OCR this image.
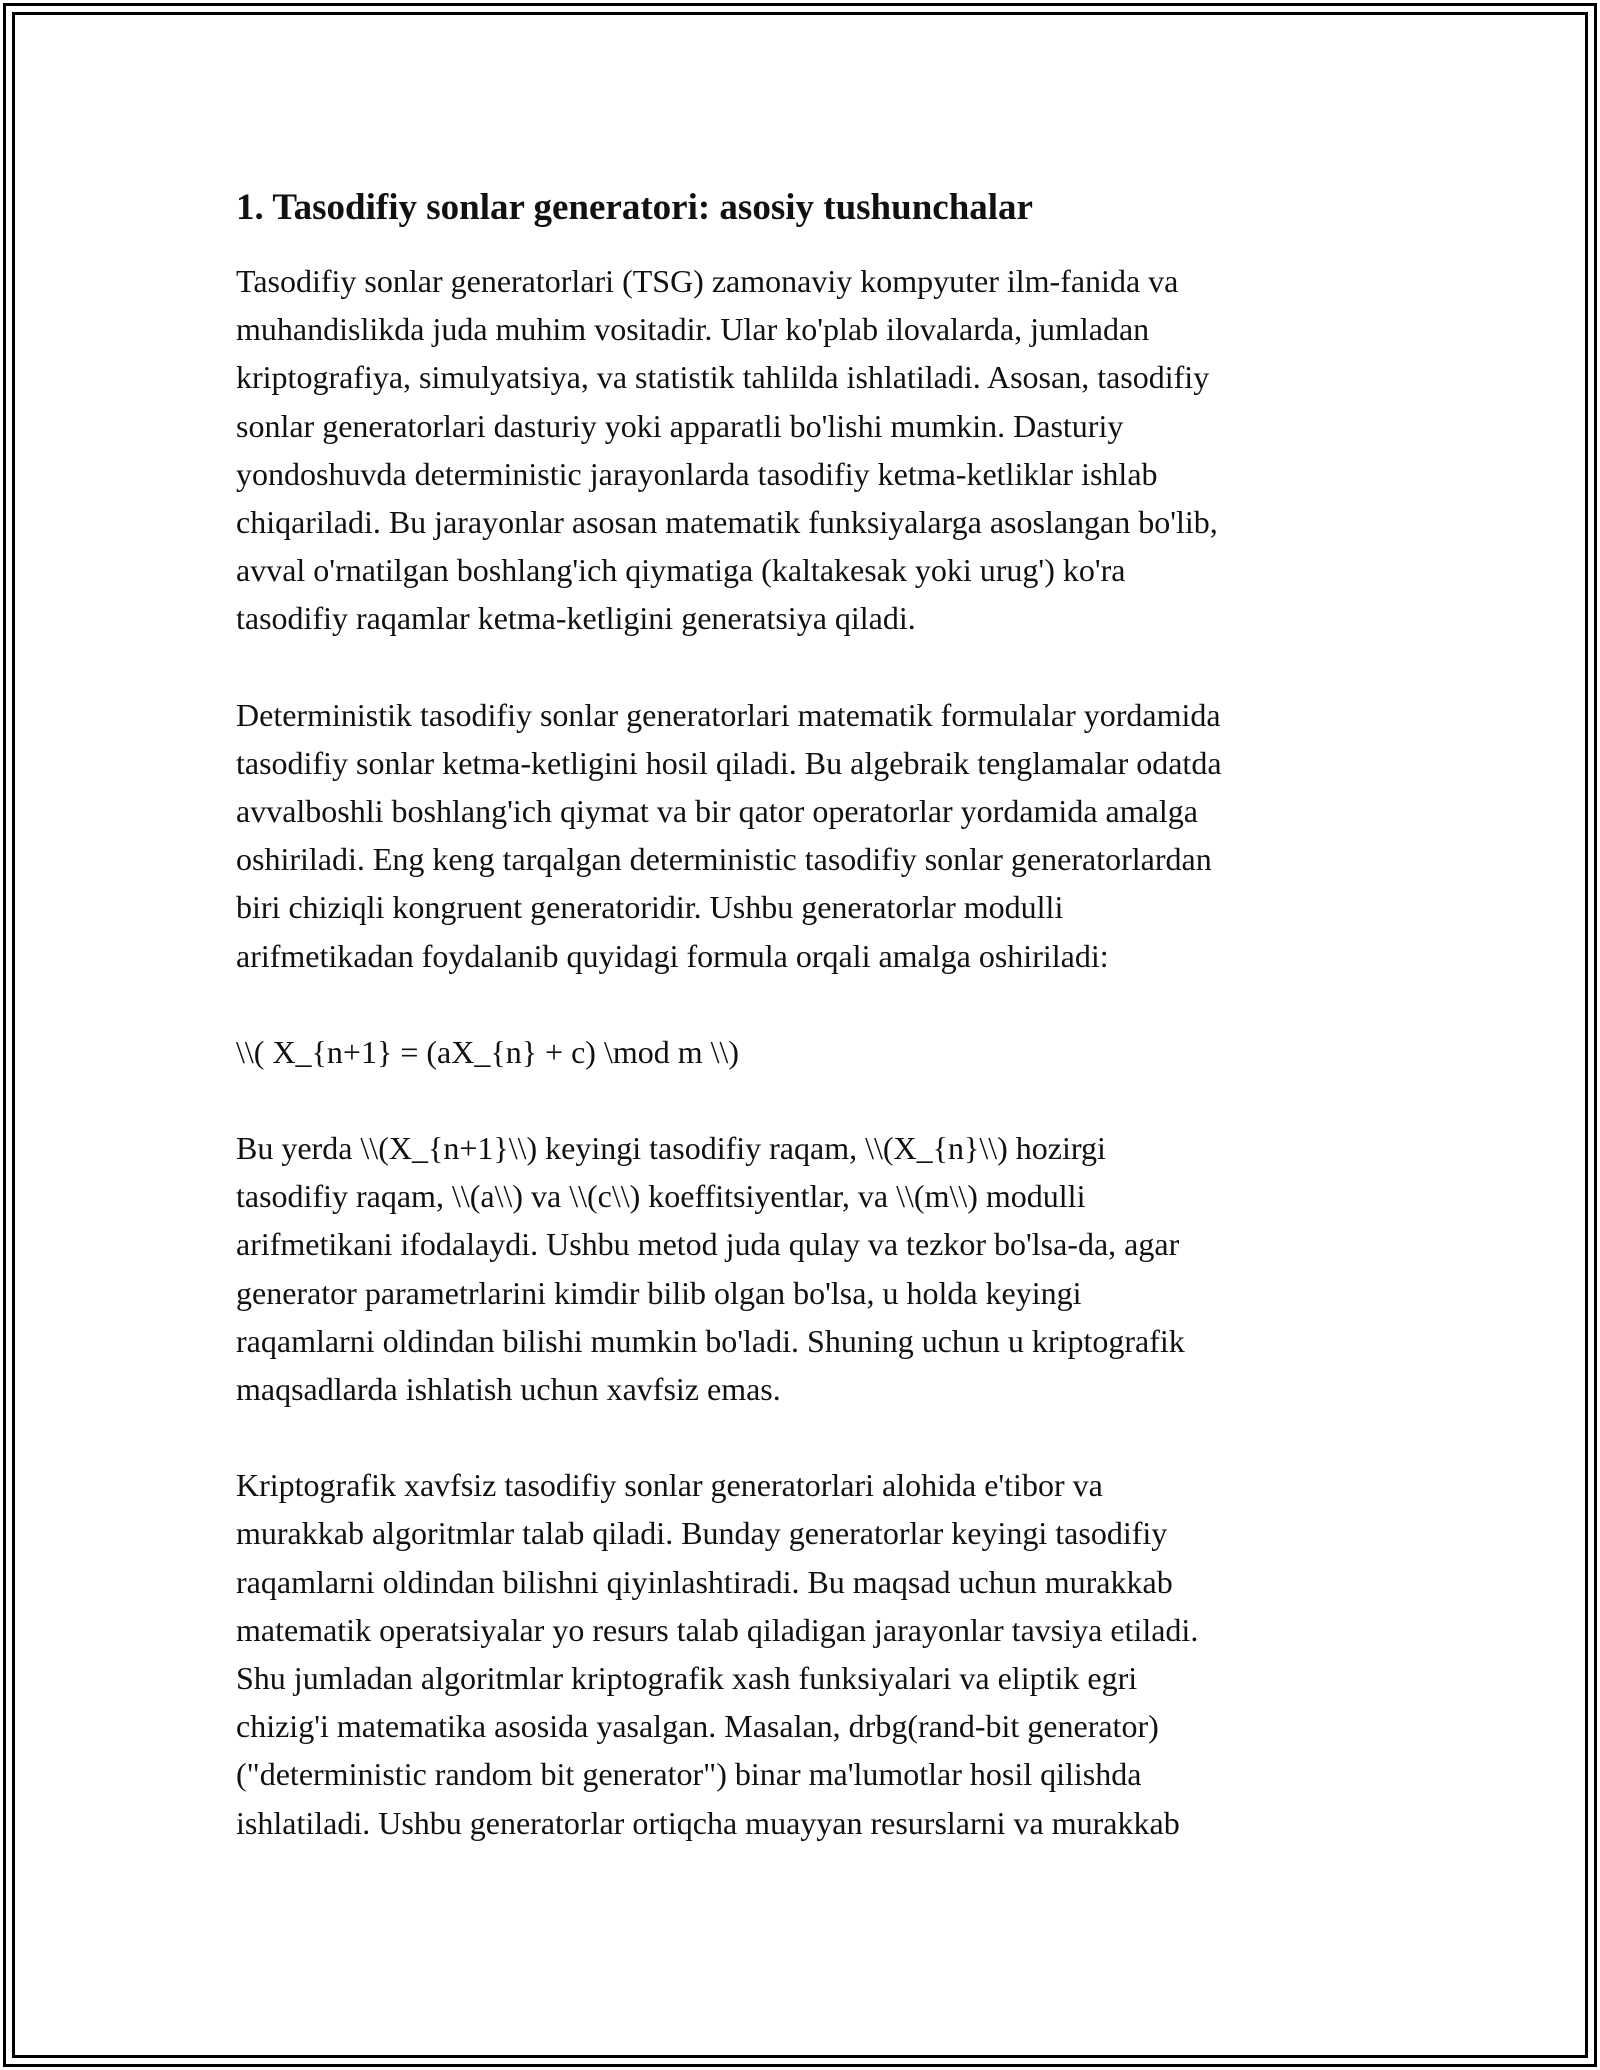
1. Tasodifiy sonlar generatori: asosiy tushunchalar

Tasodifiy sonlar generatorlari (TSG) zamonaviy kompyuter ilm-fanida va
muhandislikda juda muhim vositadir. Ular ko'plab ilovalarda, jumladan
kriptografiya, simulyatsiya, va statistik tahlilda ishlatiladi. Asosan, tasodifiy
sonlar generatorlari dasturiy yoki apparatli bo'lishi mumkin. Dasturiy
yondoshuvda deterministic jarayonlarda tasodifiy ketma-ketliklar ishlab
chiqariladi. Bu jarayonlar asosan matematik funksiyalarga asoslangan bo'lib,
avval o'rnatilgan boshlang'ich qiymatiga (kaltakesak yoki urug') ko'ra
tasodifiy raqamlar ketma-ketligini generatsiya qiladi.

Deterministik tasodifiy sonlar generatorlari matematik formulalar yordamida
tasodifiy sonlar ketma-ketligini hosil qiladi. Bu algebraik tenglamalar odatda
avvalboshli boshlang'ich qiymat va bir qator operatorlar yordamida amalga
oshiriladi. Eng keng tarqalgan deterministic tasodifiy sonlar generatorlardan
biri chiziqli kongruent generatoridir. Ushbu generatorlar modulli
arifmetikadan foydalanib quyidagi formula orqali amalga oshiriladi:

\\( X_{n+1} = (aX_{n} + c) \mod m \\)

Bu yerda \\(X_{n+1}\\) keyingi tasodifiy raqam, \\(X_{n}\\) hozirgi
tasodifiy raqam, \\(a\\) va \\(c\\) koeffitsiyentlar, va \\(m\\) modulli
arifmetikani ifodalaydi. Ushbu metod juda qulay va tezkor bo'lsa-da, agar
generator parametrlarini kimdir bilib olgan bo'lsa, u holda keyingi
raqamlarni oldindan bilishi mumkin bo'ladi. Shuning uchun u kriptografik
maqsadlarda ishlatish uchun xavfsiz emas.

Kriptografik xavfsiz tasodifiy sonlar generatorlari alohida e'tibor va
murakkab algoritmlar talab qiladi. Bunday generatorlar keyingi tasodifiy
raqamlarni oldindan bilishni qiyinlashtiradi. Bu maqsad uchun murakkab
matematik operatsiyalar yo resurs talab qiladigan jarayonlar tavsiya etiladi.
Shu jumladan algoritmlar kriptografik xash funksiyalari va eliptik egri
chizig'i matematika asosida yasalgan. Masalan, drbg(rand-bit generator)
("deterministic random bit generator") binar ma'lumotlar hosil qilishda
ishlatiladi. Ushbu generatorlar ortiqcha muayyan resurslarni va murakkab
